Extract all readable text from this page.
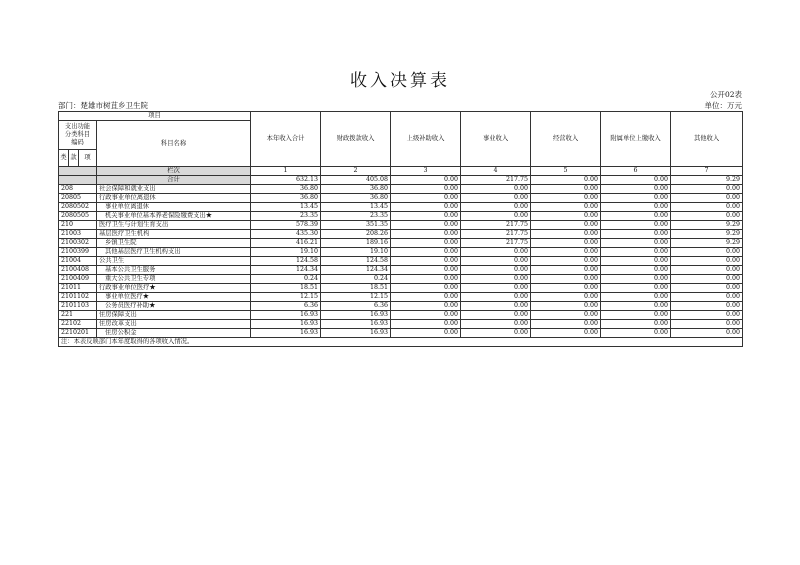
收入决算表
公开02表
部门：楚雄市树苴乡卫生院	单位：万元
项目				本年收入合计	财政拨款收入	上级补助收入	事业收入	经营收入	附属单位上缴收入	其他收入
支出功能分类科目编码			科目名称							
类	款	项								
			栏次	1	2	3	4	5	6	7
			合计	632.13	405.08	0.00	217.75	0.00	0.00	9.29
208			社会保障和就业支出	36.80	36.80	0.00	0.00	0.00	0.00	0.00
20805			行政事业单位离退休	36.80	36.80	0.00	0.00	0.00	0.00	0.00
2080502			事业单位离退休	13.45	13.45	0.00	0.00	0.00	0.00	0.00
2080505			机关事业单位基本养老保险缴费支出★	23.35	23.35	0.00	0.00	0.00	0.00	0.00
210			医疗卫生与计划生育支出	578.39	351.35	0.00	217.75	0.00	0.00	9.29
21003			基层医疗卫生机构	435.30	208.26	0.00	217.75	0.00	0.00	9.29
2100302			乡镇卫生院	416.21	189.16	0.00	217.75	0.00	0.00	9.29
2100399			其他基层医疗卫生机构支出	19.10	19.10	0.00	0.00	0.00	0.00	0.00
21004			公共卫生	124.58	124.58	0.00	0.00	0.00	0.00	0.00
2100408			基本公共卫生服务	124.34	124.34	0.00	0.00	0.00	0.00	0.00
2100409			重大公共卫生专项	0.24	0.24	0.00	0.00	0.00	0.00	0.00
21011			行政事业单位医疗★	18.51	18.51	0.00	0.00	0.00	0.00	0.00
2101102			事业单位医疗★	12.15	12.15	0.00	0.00	0.00	0.00	0.00
2101103			公务员医疗补助★	6.36	6.36	0.00	0.00	0.00	0.00	0.00
221			住房保障支出	16.93	16.93	0.00	0.00	0.00	0.00	0.00
22102			住房改革支出	16.93	16.93	0.00	0.00	0.00	0.00	0.00
2210201			住房公积金	16.93	16.93	0.00	0.00	0.00	0.00	0.00
注：本表反映部门本年度取得的各项收入情况。										
